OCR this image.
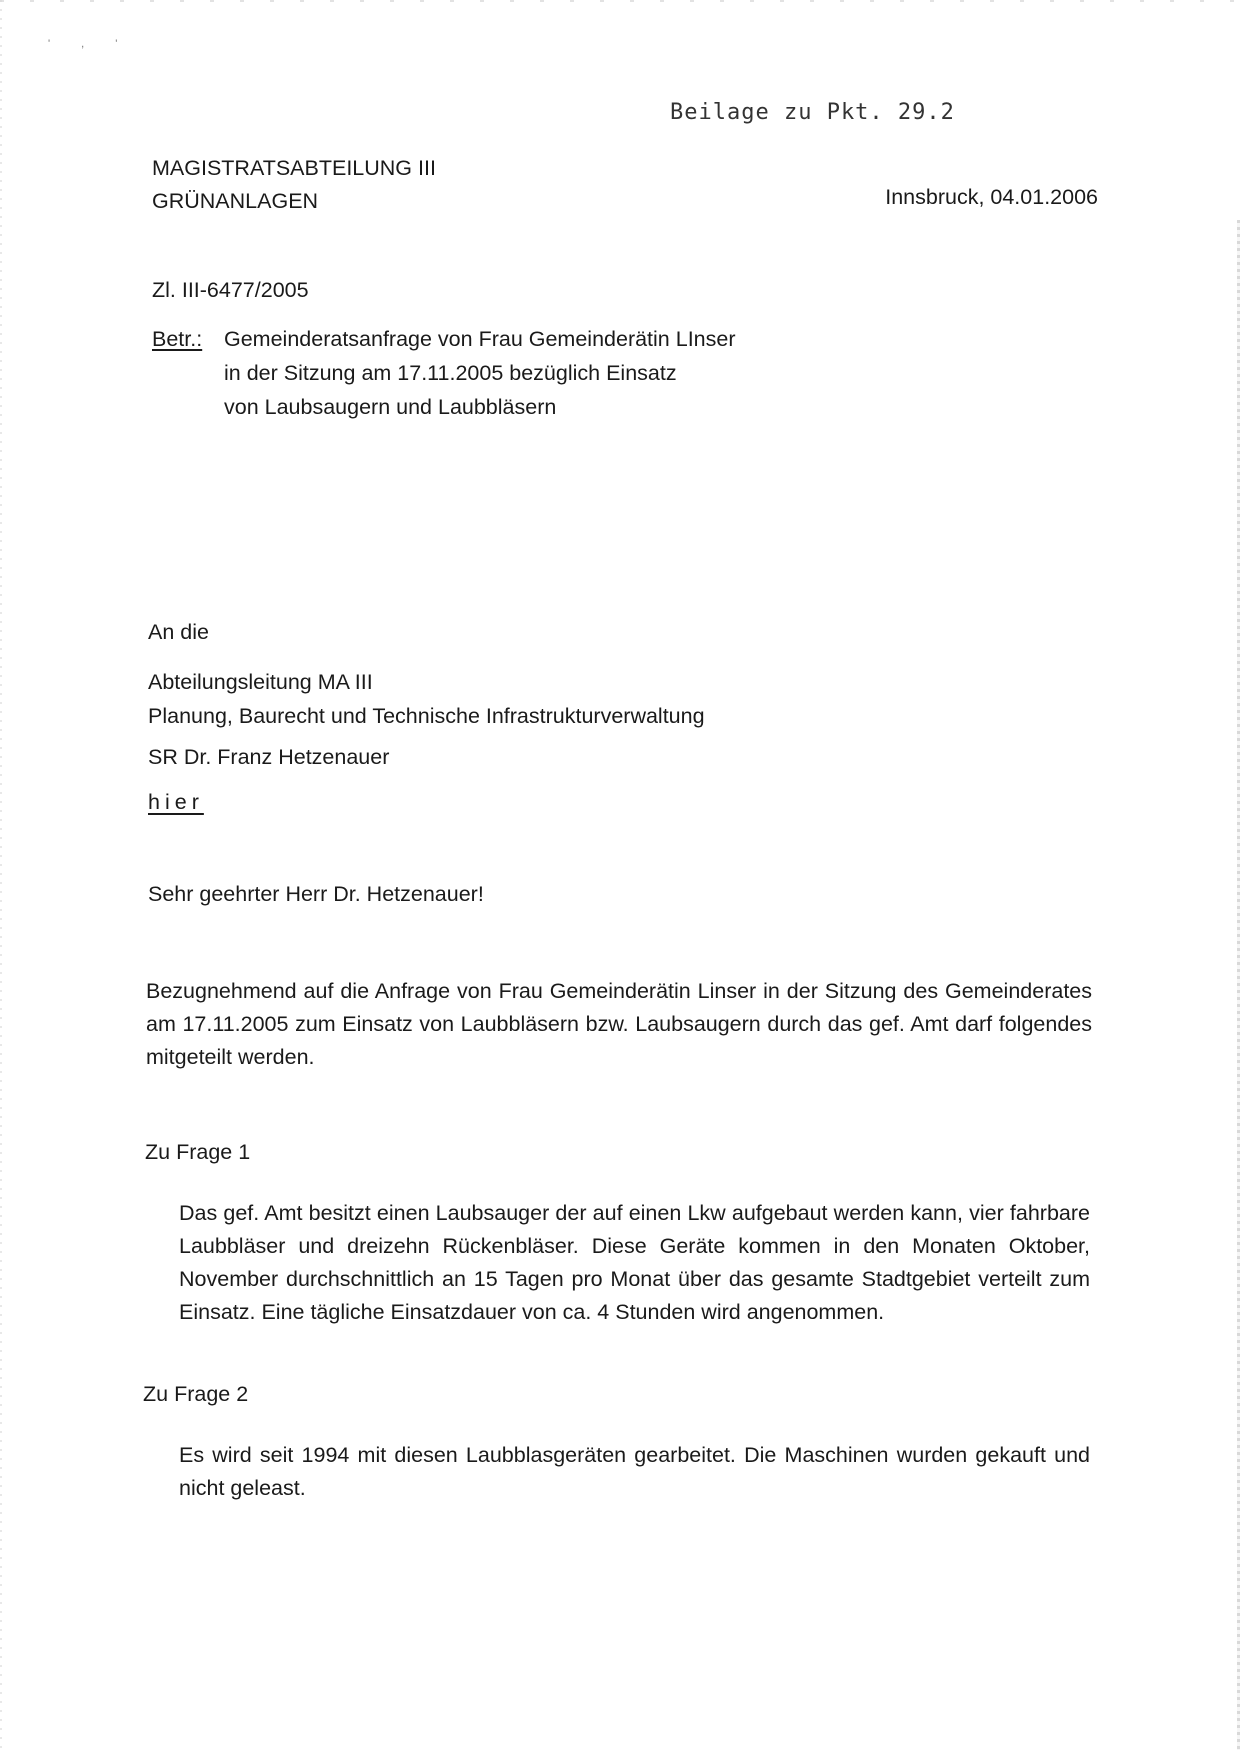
' , '
Beilage zu Pkt. 29.2
MAGISTRATSABTEILUNG III
GRÜNANLAGEN	Innsbruck, 04.01.2006
Zl. III-6477/2005
Betr.:	Gemeinderatsanfrage von Frau Gemeinderätin LInser
in der Sitzung am 17.11.2005 bezüglich Einsatz
von Laubsaugern und Laubbläsern
An die
Abteilungsleitung MA III
Planung, Baurecht und Technische Infrastrukturverwaltung
SR Dr. Franz Hetzenauer
hier
Sehr geehrter Herr Dr. Hetzenauer!
Bezugnehmend auf die Anfrage von Frau Gemeinderätin Linser in der Sitzung des Gemeinderates am 17.11.2005 zum Einsatz von Laubbläsern bzw. Laubsaugern durch das gef. Amt darf folgendes mitgeteilt werden.
Zu Frage 1
Das gef. Amt besitzt einen Laubsauger der auf einen Lkw aufgebaut werden kann, vier fahrbare Laubbläser und dreizehn Rückenbläser. Diese Geräte kommen in den Monaten Oktober, November durchschnittlich an 15 Tagen pro Monat über das gesamte Stadtgebiet verteilt zum Einsatz. Eine tägliche Einsatzdauer von ca. 4 Stunden wird angenommen.
Zu Frage 2
Es wird seit 1994 mit diesen Laubblasgeräten gearbeitet. Die Maschinen wurden gekauft und nicht geleast.
